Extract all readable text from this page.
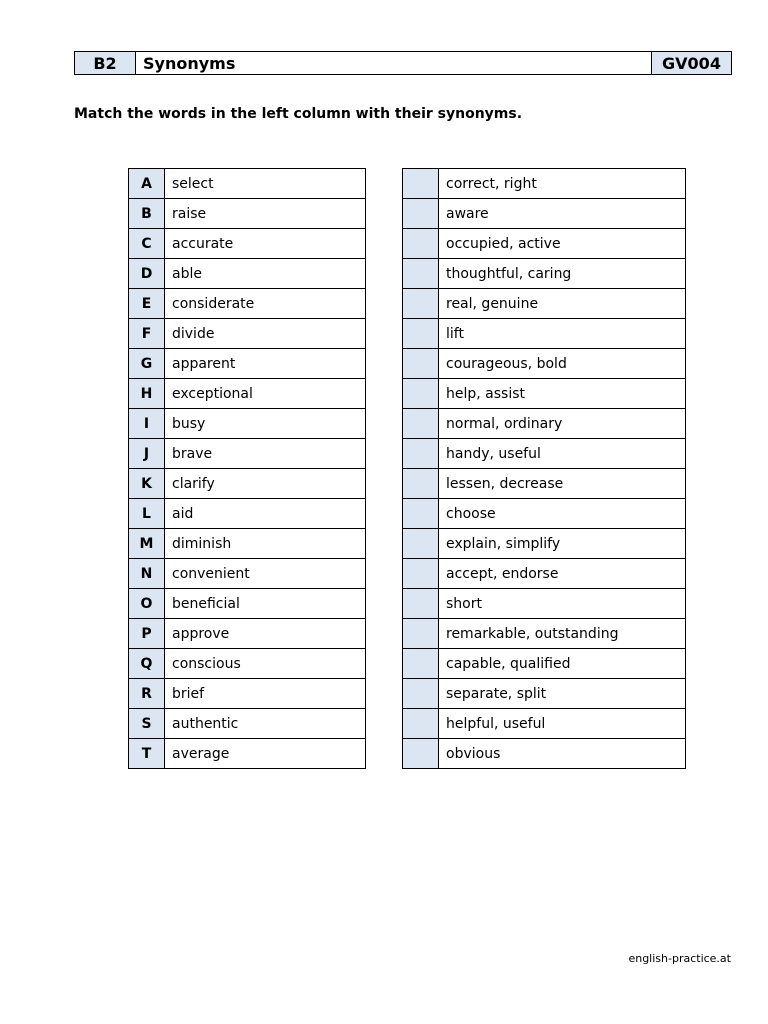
B2	Synonyms	GV004
Match the words in the left column with their synonyms.
A	select
B	raise
C	accurate
D	able
E	considerate
F	divide
G	apparent
H	exceptional
I	busy
J	brave
K	clarify
L	aid
M	diminish
N	convenient
O	beneficial
P	approve
Q	conscious
R	brief
S	authentic
T	average
	correct, right
	aware
	occupied, active
	thoughtful, caring
	real, genuine
	lift
	courageous, bold
	help, assist
	normal, ordinary
	handy, useful
	lessen, decrease
	choose
	explain, simplify
	accept, endorse
	short
	remarkable, outstanding
	capable, qualified
	separate, split
	helpful, useful
	obvious
english-practice.at
